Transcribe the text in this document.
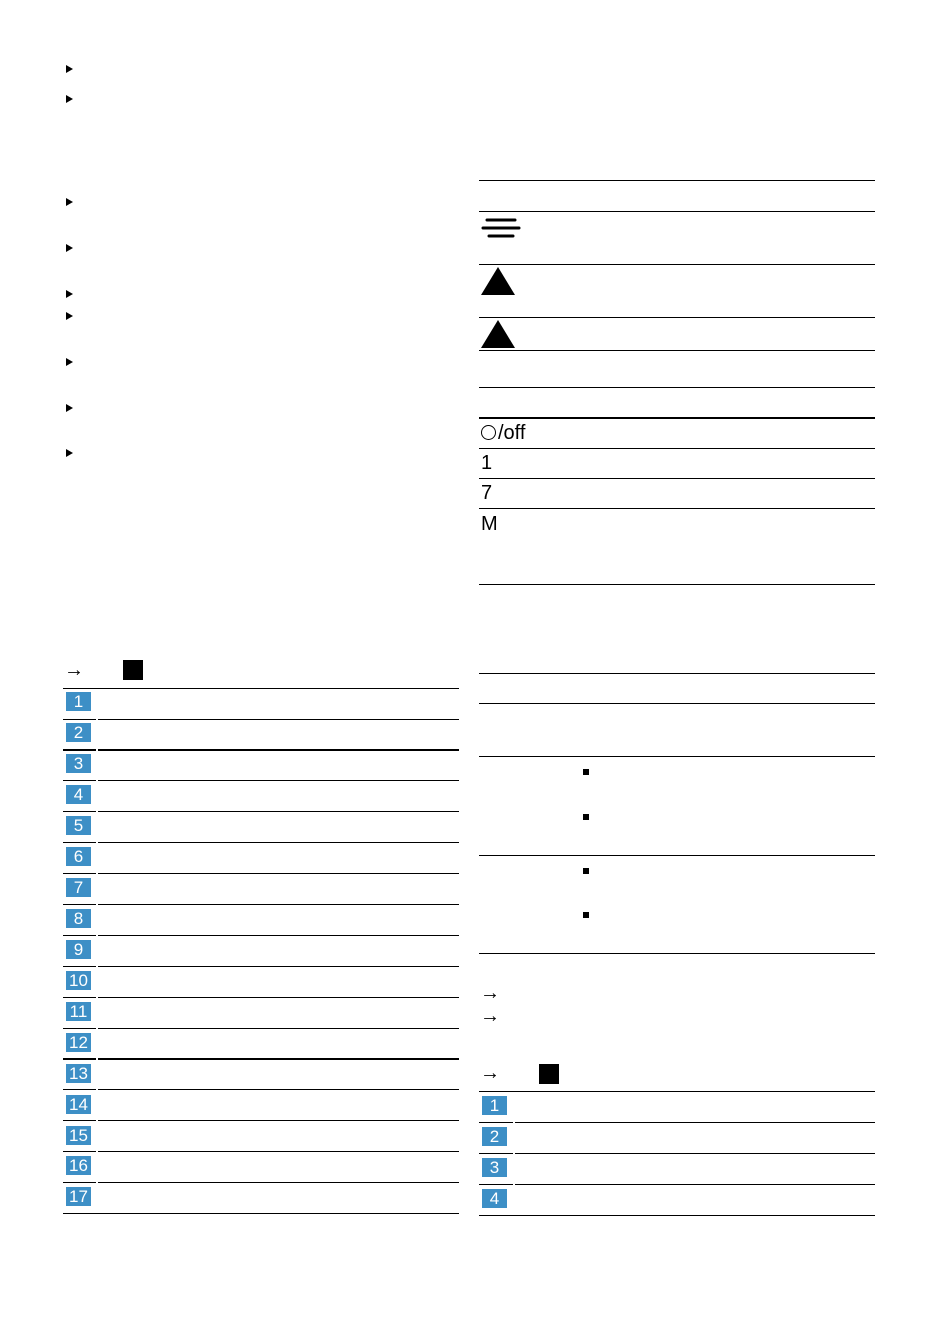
→
1
2
3
4
5
6
7
8
9
10
11
12
13
14
15
16
17
/off
1
7
M
→
→
→
1
2
3
4
